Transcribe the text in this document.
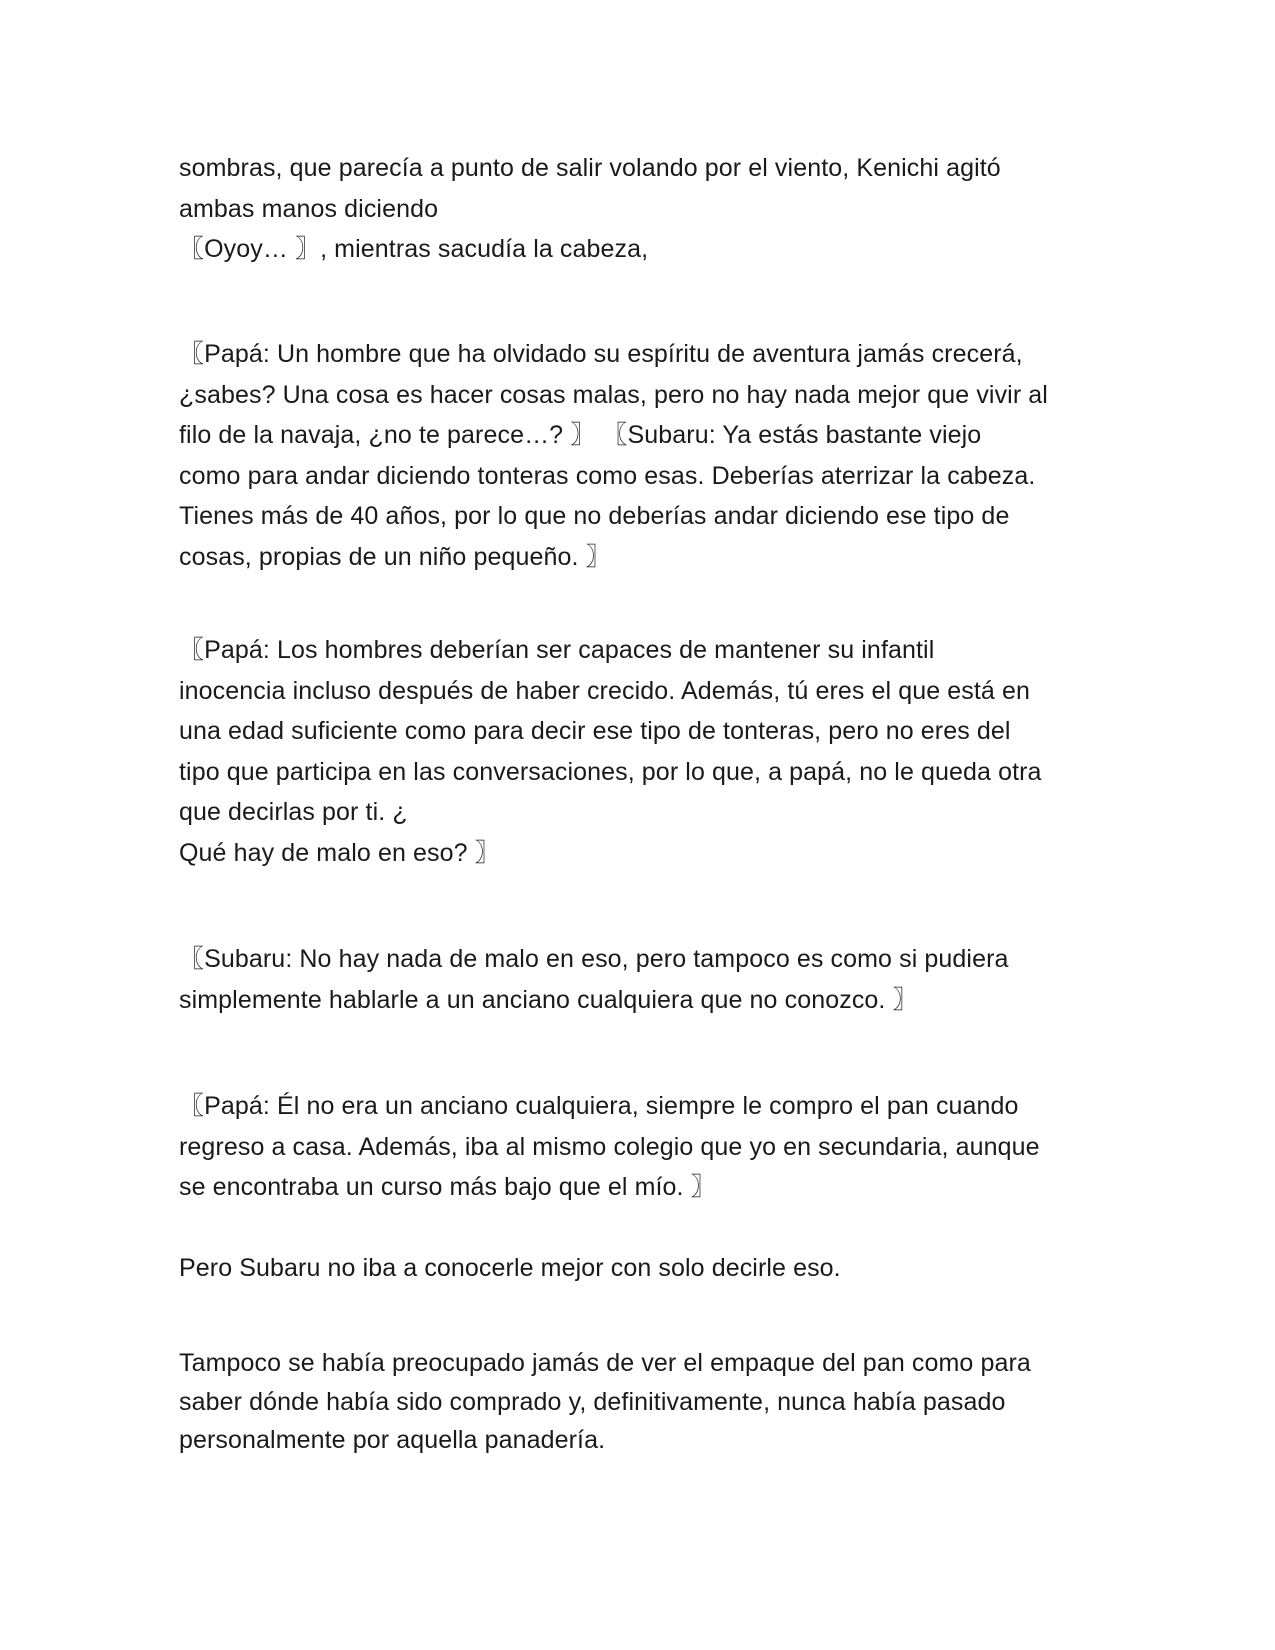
sombras, que parecía a punto de salir volando por el viento, Kenichi agitó
ambas manos diciendo
〖Oyoy… 〗, mientras sacudía la cabeza,

〖Papá: Un hombre que ha olvidado su espíritu de aventura jamás crecerá,
¿sabes? Una cosa es hacer cosas malas, pero no hay nada mejor que vivir al
filo de la navaja, ¿no te parece…? 〗 〖Subaru: Ya estás bastante viejo
como para andar diciendo tonteras como esas. Deberías aterrizar la cabeza.
Tienes más de 40 años, por lo que no deberías andar diciendo ese tipo de
cosas, propias de un niño pequeño. 〗

〖Papá: Los hombres deberían ser capaces de mantener su infantil
inocencia incluso después de haber crecido. Además, tú eres el que está en
una edad suficiente como para decir ese tipo de tonteras, pero no eres del
tipo que participa en las conversaciones, por lo que, a papá, no le queda otra
que decirlas por ti. ¿
Qué hay de malo en eso? 〗

〖Subaru: No hay nada de malo en eso, pero tampoco es como si pudiera
simplemente hablarle a un anciano cualquiera que no conozco. 〗

〖Papá: Él no era un anciano cualquiera, siempre le compro el pan cuando
regreso a casa. Además, iba al mismo colegio que yo en secundaria, aunque
se encontraba un curso más bajo que el mío. 〗

Pero Subaru no iba a conocerle mejor con solo decirle eso.

Tampoco se había preocupado jamás de ver el empaque del pan como para
saber dónde había sido comprado y, definitivamente, nunca había pasado
personalmente por aquella panadería.
